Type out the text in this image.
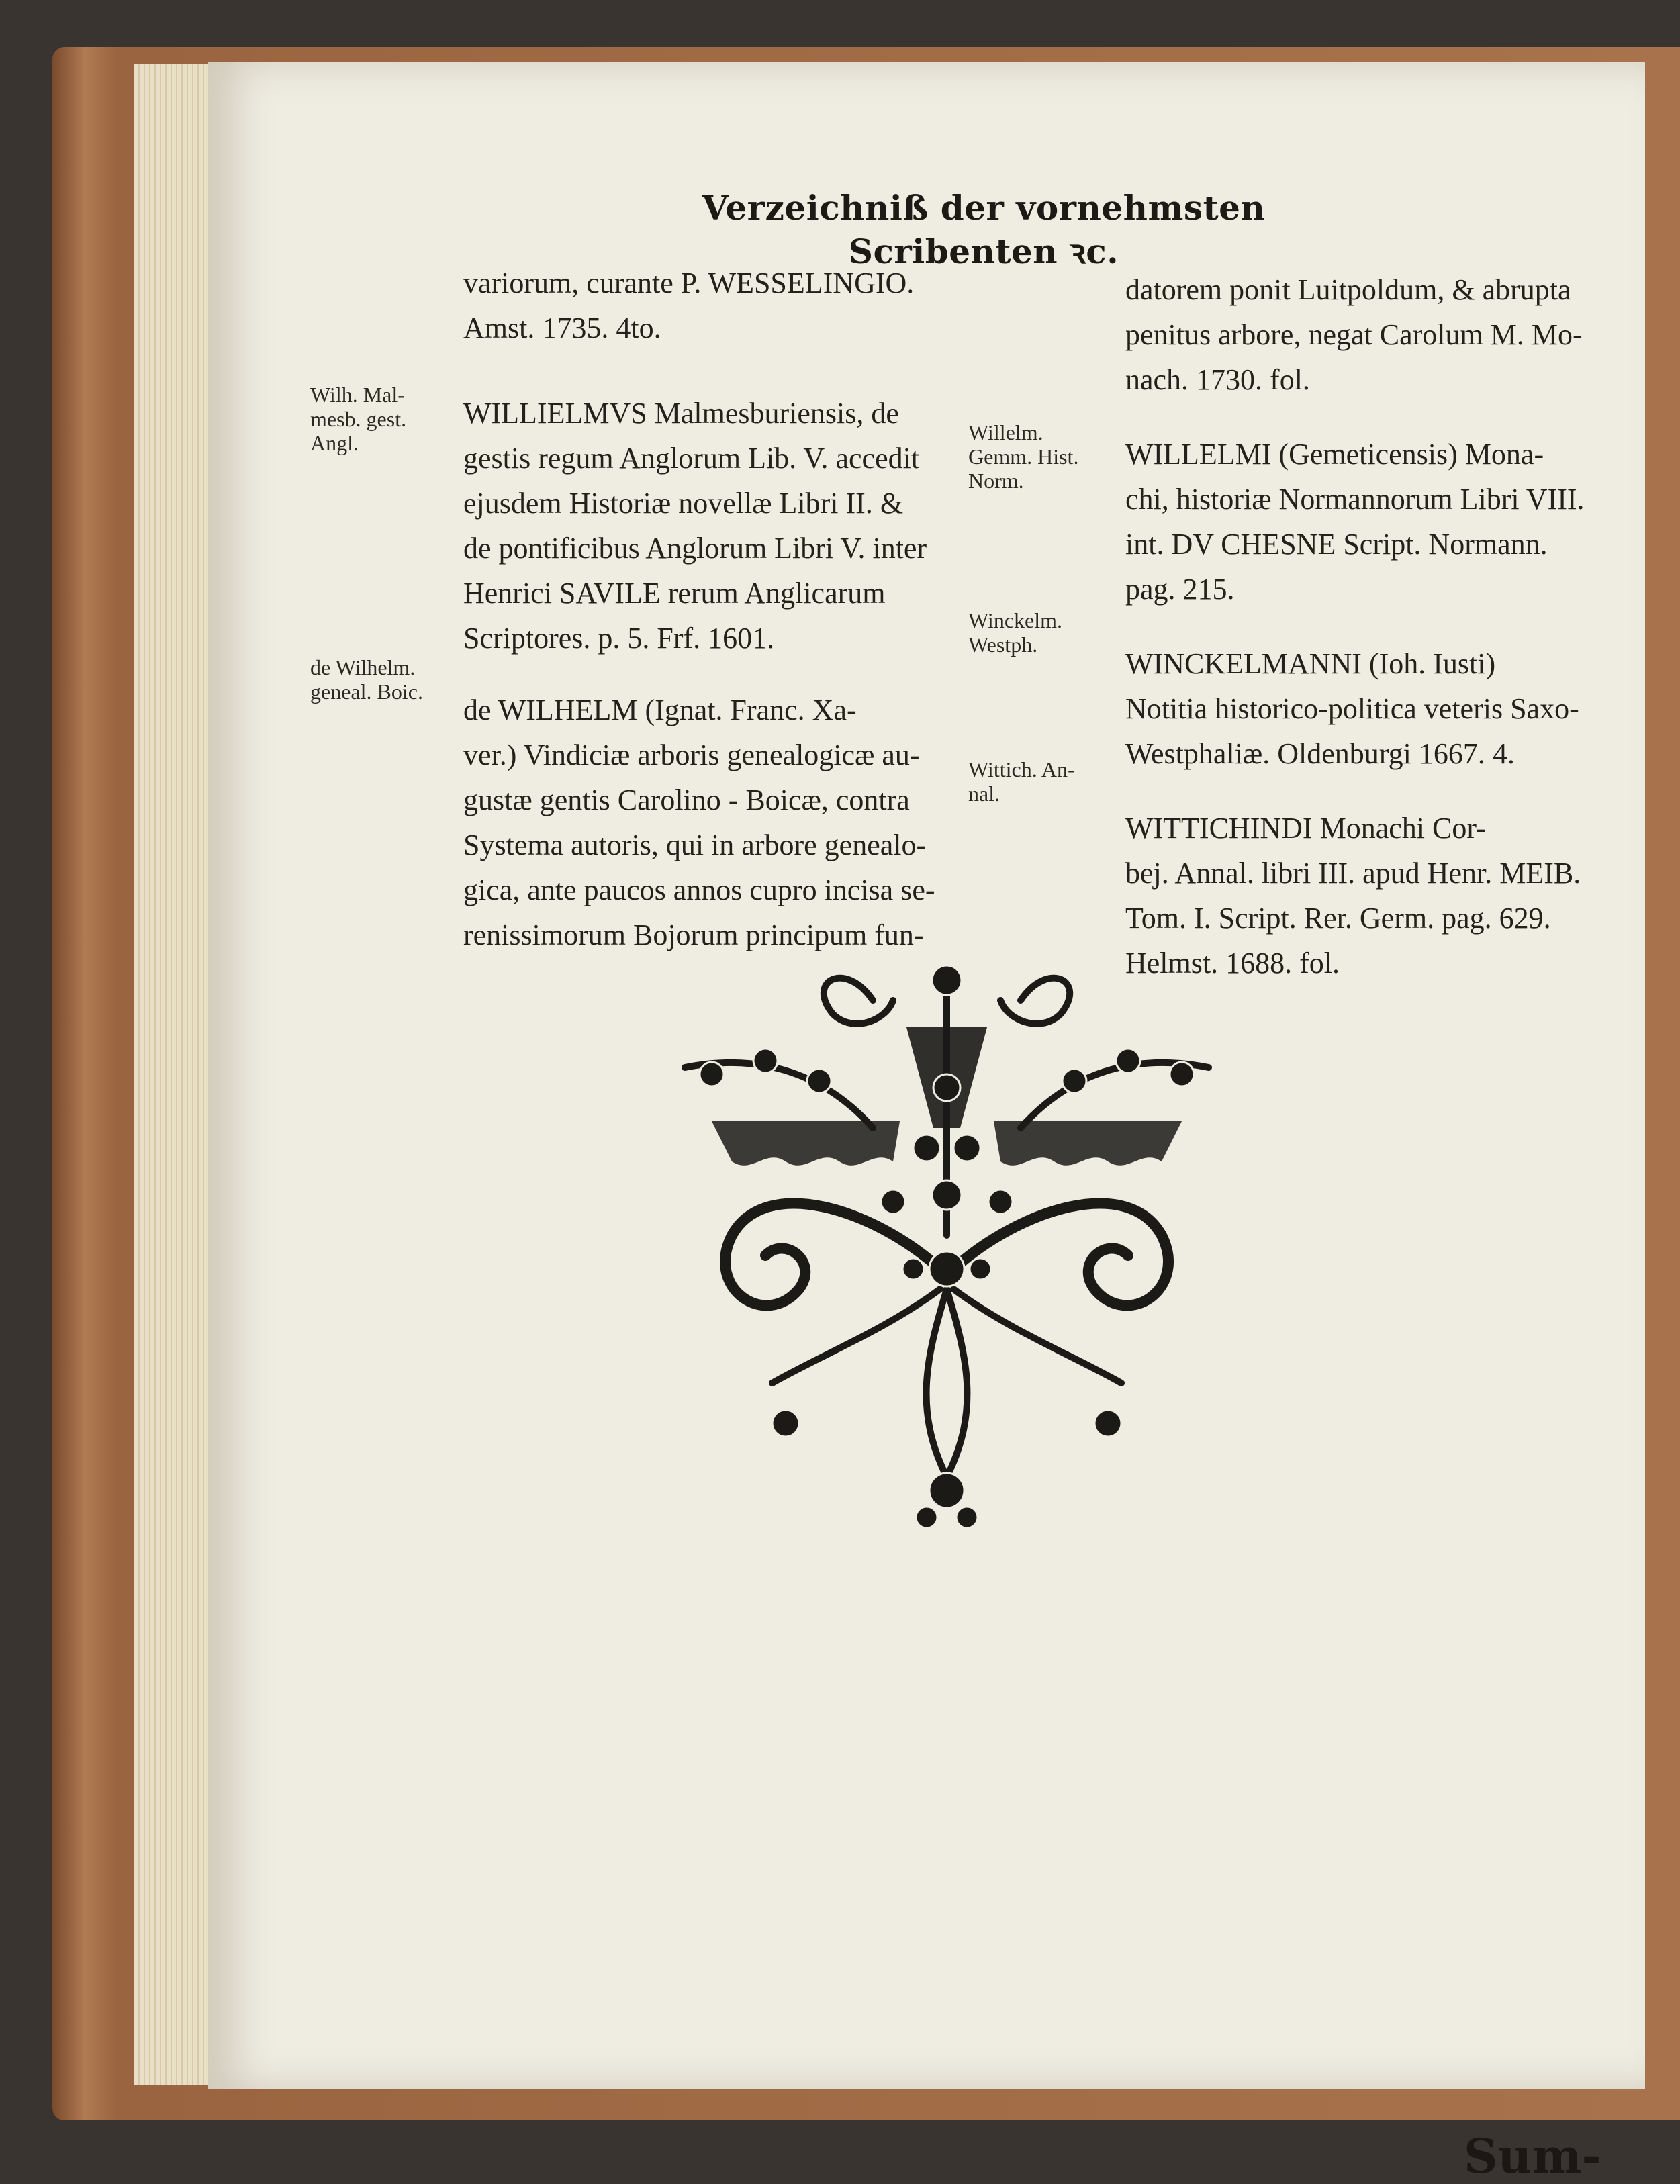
Verzeichniß der vornehmsten Scribenten ꝛc.
Wilh. Mal-
mesb. gest.
Angl.
de Wilhelm.
geneal. Boic.
Willelm.
Gemm. Hist.
Norm.
Winckelm.
Westph.
Wittich. An-
nal.

variorum, curante P. WESSELINGIO.

Amst. 1735. 4to.

WILLIELMVS Malmesburiensis, de

gestis regum Anglorum Lib. V. accedit

ejusdem Historiæ novellæ Libri II. &

de pontificibus Anglorum Libri V. inter

Henrici SAVILE rerum Anglicarum

Scriptores. p. 5. Frf. 1601.

de WILHELM (Ignat. Franc. Xa-

ver.) Vindiciæ arboris genealogicæ au-

gustæ gentis Carolino - Boicæ, contra

Systema autoris, qui in arbore genealo-

gica, ante paucos annos cupro incisa se-

renissimorum Bojorum principum fun-

datorem ponit Luitpoldum, & abrupta

penitus arbore, negat Carolum M. Mo-

nach. 1730. fol.

WILLELMI (Gemeticensis) Mona-

chi, historiæ Normannorum Libri VIII.

int. DV CHESNE Script. Normann.

pag. 215.

WINCKELMANNI (Ioh. Iusti)

Notitia historico-politica veteris Saxo-

Westphaliæ. Oldenburgi 1667. 4.

WITTICHINDI Monachi Cor-

bej. Annal. libri III. apud Henr. MEIB.

Tom. I. Script. Rer. Germ. pag. 629.

Helmst. 1688. fol.

Sum-
